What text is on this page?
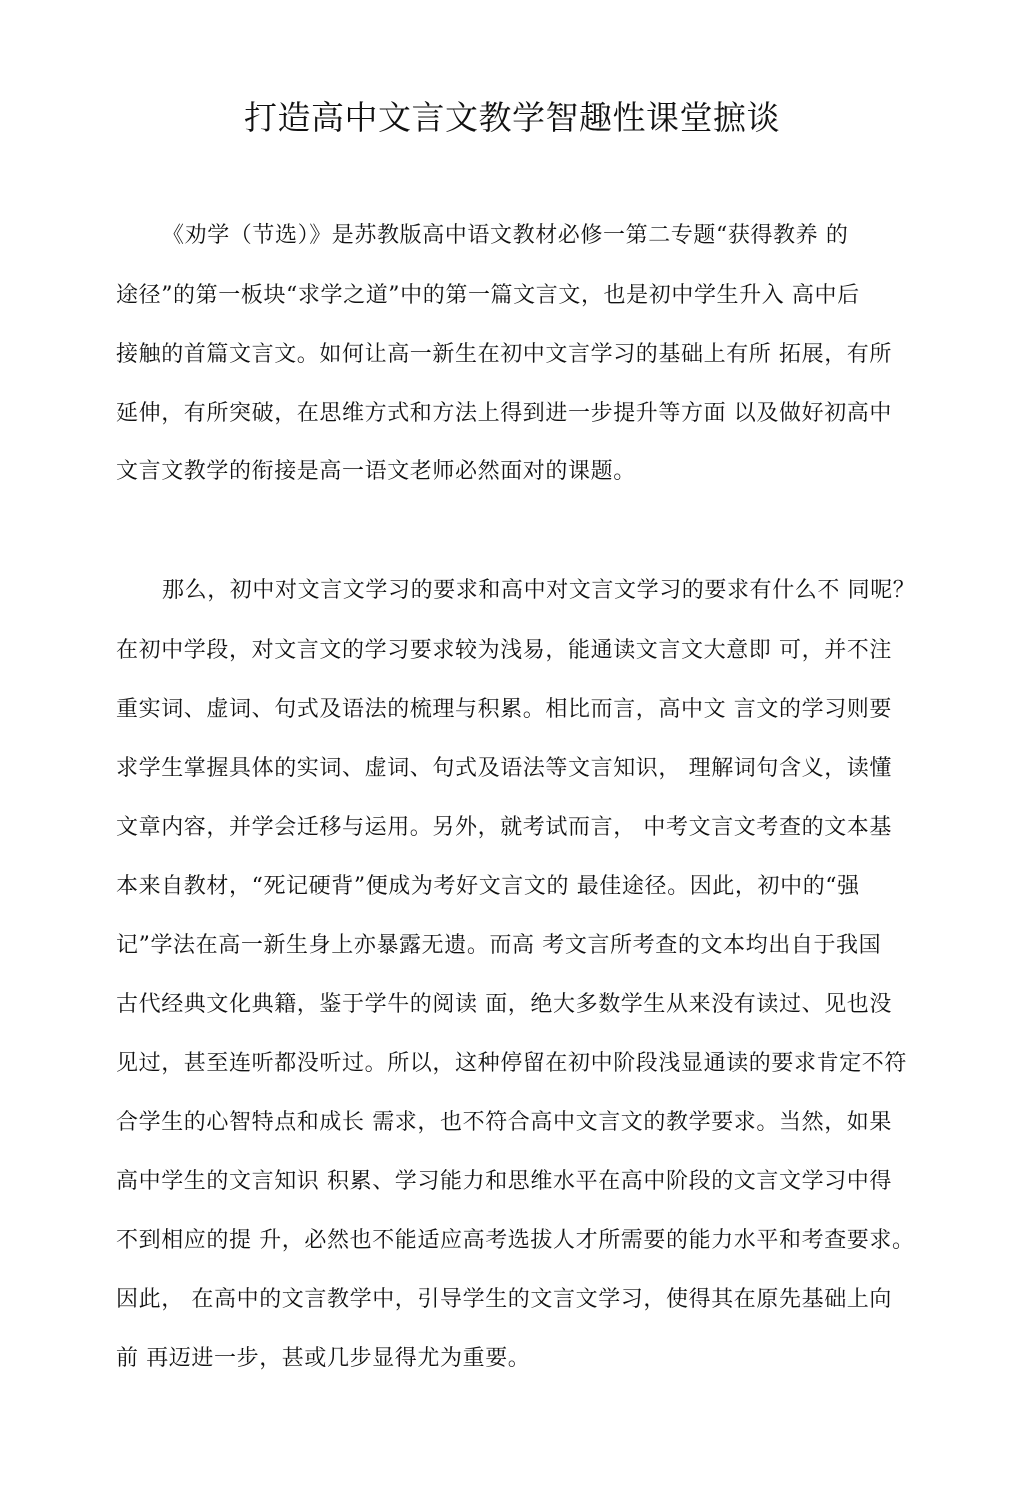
打造高中文言文教学智趣性课堂摭谈
《劝学（节选）》是苏教版高中语文教材必修一第二专题“获得教养 的
途径”的第一板块“求学之道”中的第一篇文言文，也是初中学生升入 高中后
接触的首篇文言文。如何让高一新生在初中文言学习的基础上有所 拓展，有所
延伸，有所突破，在思维方式和方法上得到进一步提升等方面 以及做好初高中
文言文教学的衔接是高一语文老师必然面对的课题。
那么，初中对文言文学习的要求和高中对文言文学习的要求有什么不 同呢？
在初中学段，对文言文的学习要求较为浅易，能通读文言文大意即 可，并不注
重实词、虚词、句式及语法的梳理与积累。相比而言，高中文 言文的学习则要
求学生掌握具体的实词、虚词、句式及语法等文言知识， 理解词句含义，读懂
文章内容，并学会迁移与运用。另外，就考试而言， 中考文言文考查的文本基
本来自教材，“死记硬背”便成为考好文言文的 最佳途径。因此，初中的“强
记”学法在高一新生身上亦暴露无遗。而高 考文言所考查的文本均出自于我国
古代经典文化典籍，鉴于学牛的阅读 面，绝大多数学生从来没有读过、见也没
见过，甚至连听都没听过。所以，这种停留在初中阶段浅显通读的要求肯定不符
合学生的心智特点和成长 需求，也不符合高中文言文的教学要求。当然，如果
高中学生的文言知识 积累、学习能力和思维水平在高中阶段的文言文学习中得
不到相应的提 升，必然也不能适应高考选拔人才所需要的能力水平和考查要求。
因此， 在高中的文言教学中，引导学生的文言文学习，使得其在原先基础上向
前 再迈进一步，甚或几步显得尤为重要。
